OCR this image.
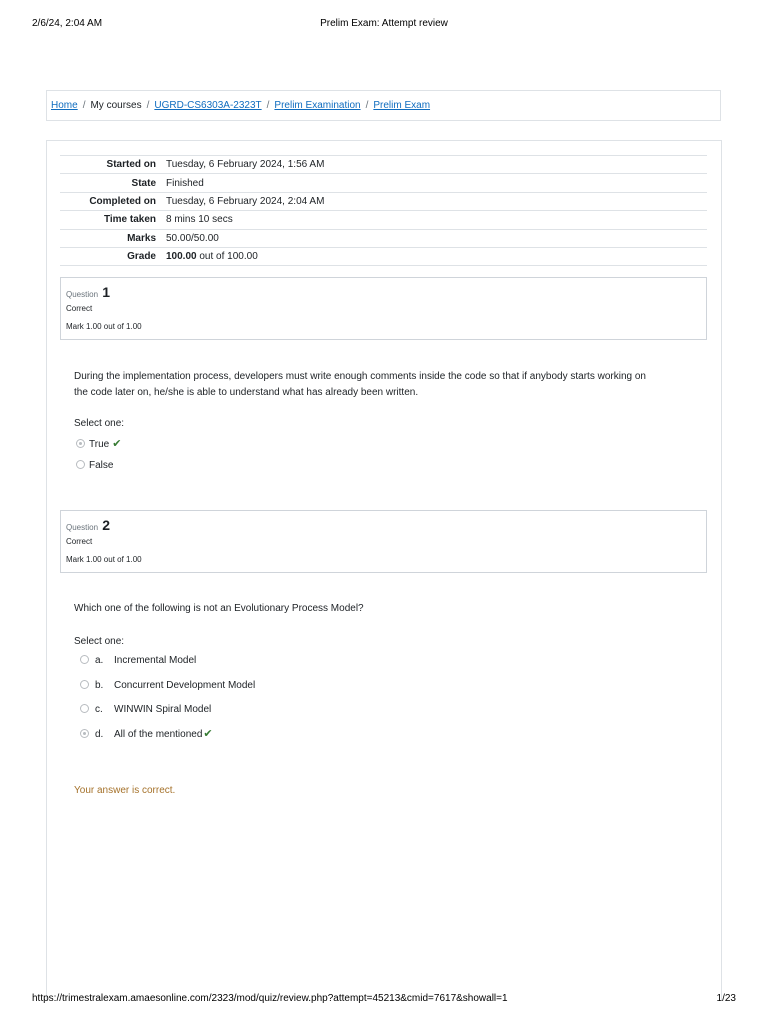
2/6/24, 2:04 AM	Prelim Exam: Attempt review
Home / My courses / UGRD-CS6303A-2323T / Prelim Examination / Prelim Exam
Started on	Tuesday, 6 February 2024, 1:56 AM
State	Finished
Completed on	Tuesday, 6 February 2024, 2:04 AM
Time taken	8 mins 10 secs
Marks	50.00/50.00
Grade	100.00 out of 100.00
Question 1
Correct
Mark 1.00 out of 1.00
During the implementation process, developers must write enough comments inside the code so that if anybody starts working on
the code later on, he/she is able to understand what has already been written.
Select one:
True ✔
False
Question 2
Correct
Mark 1.00 out of 1.00
Which one of the following is not an Evolutionary Process Model?
Select one:
a. Incremental Model
b. Concurrent Development Model
c. WINWIN Spiral Model
d. All of the mentioned✔
Your answer is correct.
https://trimestralexam.amaesonline.com/2323/mod/quiz/review.php?attempt=45213&cmid=7617&showall=1	1/23
